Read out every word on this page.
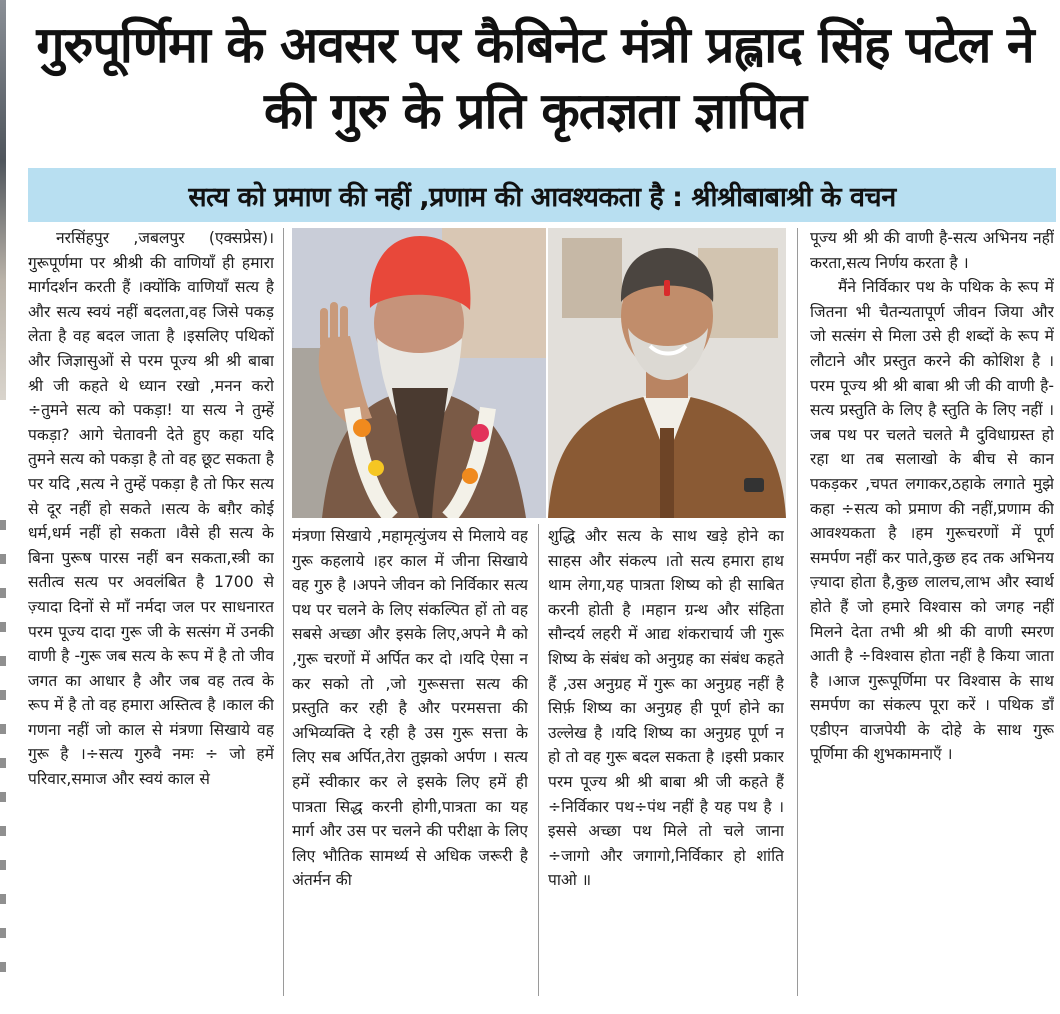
गुरुपूर्णिमा के अवसर पर कैबिनेट मंत्री प्रह्लाद सिंह पटेल ने की गुरु के प्रति कृतज्ञता ज्ञापित
सत्य को प्रमाण की नहीं ,प्रणाम की आवश्यकता है : श्रीश्रीबाबाश्री के वचन
नरसिंहपुर ,जबलपुर (एक्सप्रेस)। गुरूपूर्णमा पर श्रीश्री की वाणियाँ ही हमारा मार्गदर्शन करती हैं ।क्योंकि वाणियाँ सत्य है और सत्य स्वयं नहीं बदलता,वह जिसे पकड़ लेता है वह बदल जाता है ।इसलिए पथिकों और जिज्ञासुओं से परम पूज्य श्री श्री बाबा श्री जी कहते थे ध्यान रखो ,मनन करो ÷तुमने सत्य को पकड़ा! या सत्य ने तुम्हें पकड़ा? आगे चेतावनी देते हुए कहा यदि तुमने सत्य को पकड़ा है तो वह छूट सकता है पर यदि ,सत्य ने तुम्हें पकड़ा है तो फिर सत्य से दूर नहीं हो सकते ।सत्य के बग़ैर कोई धर्म,धर्म नहीं हो सकता ।वैसे ही सत्य के बिना पुरूष पारस नहीं बन सकता,स्त्री का सतीत्व सत्य पर अवलंबित है 1700 से ज़्यादा दिनों से माँ नर्मदा जल पर साधनारत परम पूज्य दादा गुरू जी के सत्संग में उनकी वाणी है -गुरू जब सत्य के रूप में है तो जीव जगत का आधार है और जब वह तत्व के रूप में है तो वह हमारा अस्तित्व है ।काल की गणना नहीं जो काल से मंत्रणा सिखाये वह गुरू है ।÷सत्य गुरुवै नमः ÷ जो हमें परिवार,समाज और स्वयं काल से
मंत्रणा सिखाये ,महामृत्युंजय से मिलाये वह गुरू कहलाये ।हर काल में जीना सिखाये वह गुरु है ।अपने जीवन को निर्विकार सत्य पथ पर चलने के लिए संकल्पित हों तो वह सबसे अच्छा और इसके लिए,अपने मै को ,गुरू चरणों में अर्पित कर दो ।यदि ऐसा न कर सको तो ,जो गुरूसत्ता सत्य की प्रस्तुति कर रही है और परमसत्ता की अभिव्यक्ति दे रही है उस गुरू सत्ता के लिए सब अर्पित,तेरा तुझको अर्पण । सत्य हमें स्वीकार कर ले इसके लिए हमें ही पात्रता सिद्ध करनी होगी,पात्रता का यह मार्ग और उस पर चलने की परीक्षा के लिए लिए भौतिक सामर्थ्य से अधिक जरूरी है अंतर्मन की
शुद्धि और सत्य के साथ खड़े होने का साहस और संकल्प ।तो सत्य हमारा हाथ थाम लेगा,यह पात्रता शिष्य को ही साबित करनी होती है ।महान ग्रन्थ और संहिता सौन्दर्य लहरी में आद्य शंकराचार्य जी गुरू शिष्य के संबंध को अनुग्रह का संबंध कहते हैं ,उस अनुग्रह में गुरू का अनुग्रह नहीं है सिर्फ़ शिष्य का अनुग्रह ही पूर्ण होने का उल्लेख है ।यदि शिष्य का अनुग्रह पूर्ण न हो तो वह गुरू बदल सकता है ।इसी प्रकार परम पूज्य श्री श्री बाबा श्री जी कहते हैं ÷निर्विकार पथ÷पंथ नहीं है यह पथ है ।इससे अच्छा पथ मिले तो चले जाना ÷जागो और जगागो,निर्विकार हो शांति पाओ ॥

पूज्य श्री श्री की वाणी है-सत्य अभिनय नहीं करता,सत्य निर्णय करता है ।

मैंने निर्विकार पथ के पथिक के रूप में जितना भी चैतन्यतापूर्ण जीवन जिया और जो सत्संग से मिला उसे ही शब्दों के रूप में लौटाने और प्रस्तुत करने की कोशिश है ।परम पूज्य श्री श्री बाबा श्री जी की वाणी है-सत्य प्रस्तुति के लिए है स्तुति के लिए नहीं ।जब पथ पर चलते चलते मै दुविधाग्रस्त हो रहा था तब सलाखो के बीच से कान पकड़कर ,चपत लगाकर,ठहाके लगाते मुझे कहा ÷सत्य को प्रमाण की नहीं,प्रणाम की आवश्यकता है ।हम गुरूचरणों में पूर्ण समर्पण नहीं कर पाते,कुछ हद तक अभिनय ज़्यादा होता है,कुछ लालच,लाभ और स्वार्थ होते हैं जो हमारे विश्वास को जगह नहीं मिलने देता तभी श्री श्री की वाणी स्मरण आती है ÷विश्वास होता नहीं है किया जाता है ।आज गुरूपूर्णिमा पर विश्वास के साथ समर्पण का संकल्प पूरा करें । पथिक डाँ एडीएन वाजपेयी के दोहे के साथ गुरू पूर्णिमा की शुभकामनाएँ ।
